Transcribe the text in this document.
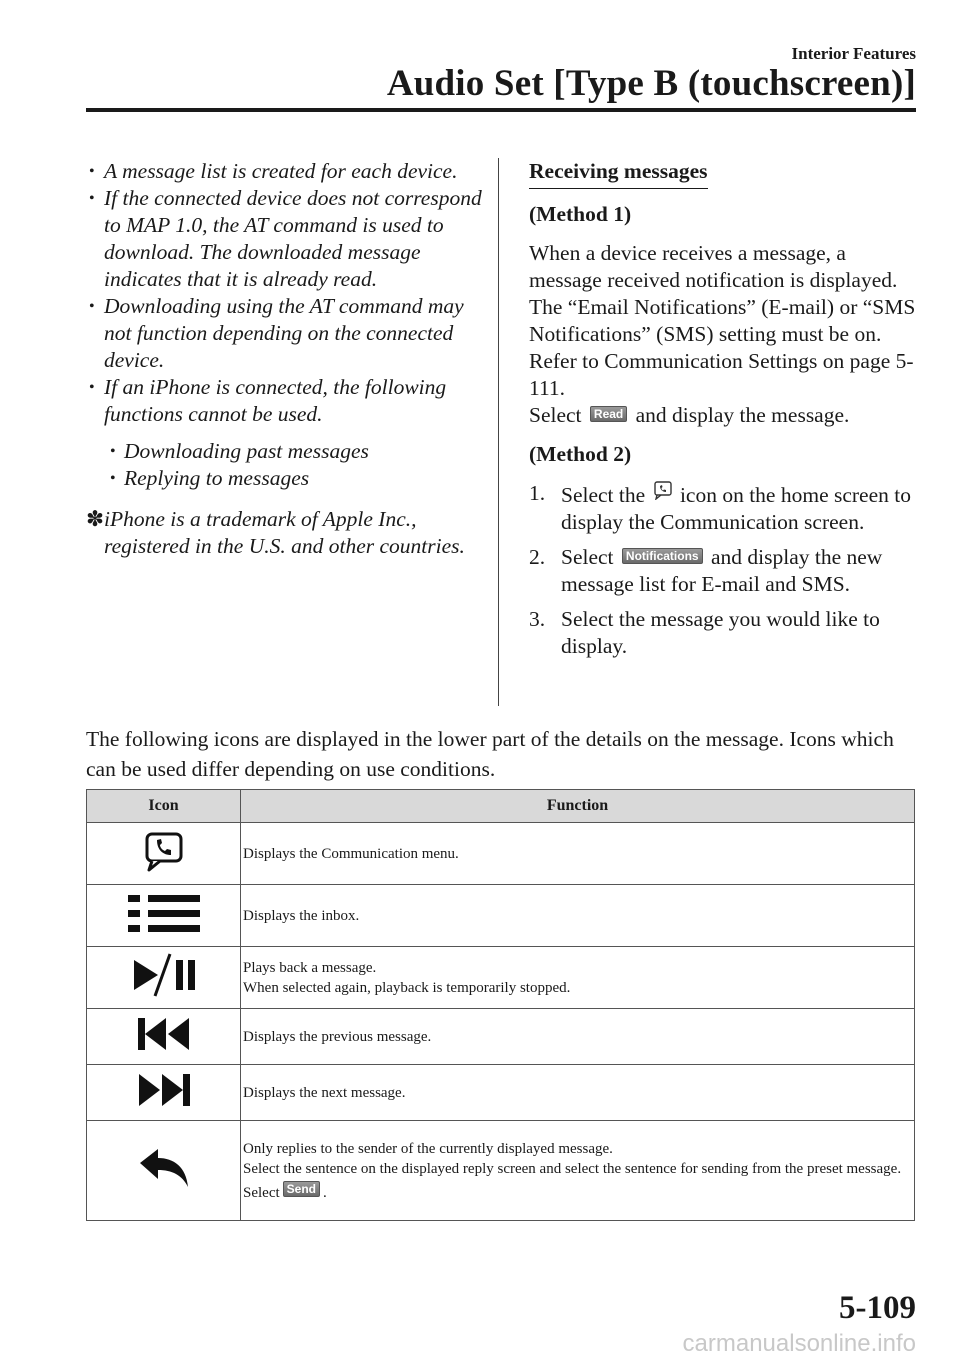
Interior Features
Audio Set [Type B (touchscreen)]
• A message list is created for each device.
• If the connected device does not correspond to MAP 1.0, the AT command is used to download. The downloaded message indicates that it is already read.
• Downloading using the AT command may not function depending on the connected device.
• If an iPhone is connected, the following functions cannot be used.
• Downloading past messages
• Replying to messages
✽ iPhone is a trademark of Apple Inc., registered in the U.S. and other countries.
Receiving messages
(Method 1)

When a device receives a message, a message received notification is displayed. The “Email Notifications” (E-mail) or “SMS Notifications” (SMS) setting must be on.

Refer to Communication Settings on page 5-111.

Select Read and display the message.

(Method 2)
1. Select the icon on the home screen to display the Communication screen.
2. Select Notifications and display the new message list for E-mail and SMS.
3. Select the message you would like to display.
The following icons are displayed in the lower part of the details on the message. Icons which can be used differ depending on use conditions.
Icon	Function

Displays the Communication menu.

Displays the inbox.

Plays back a message.
When selected again, playback is temporarily stopped.

Displays the previous message.

Displays the next message.

Only replies to the sender of the currently displayed message.
Select the sentence on the displayed reply screen and select the sentence for sending from the preset message.
Select Send .
5-109
carmanualsonline.info
